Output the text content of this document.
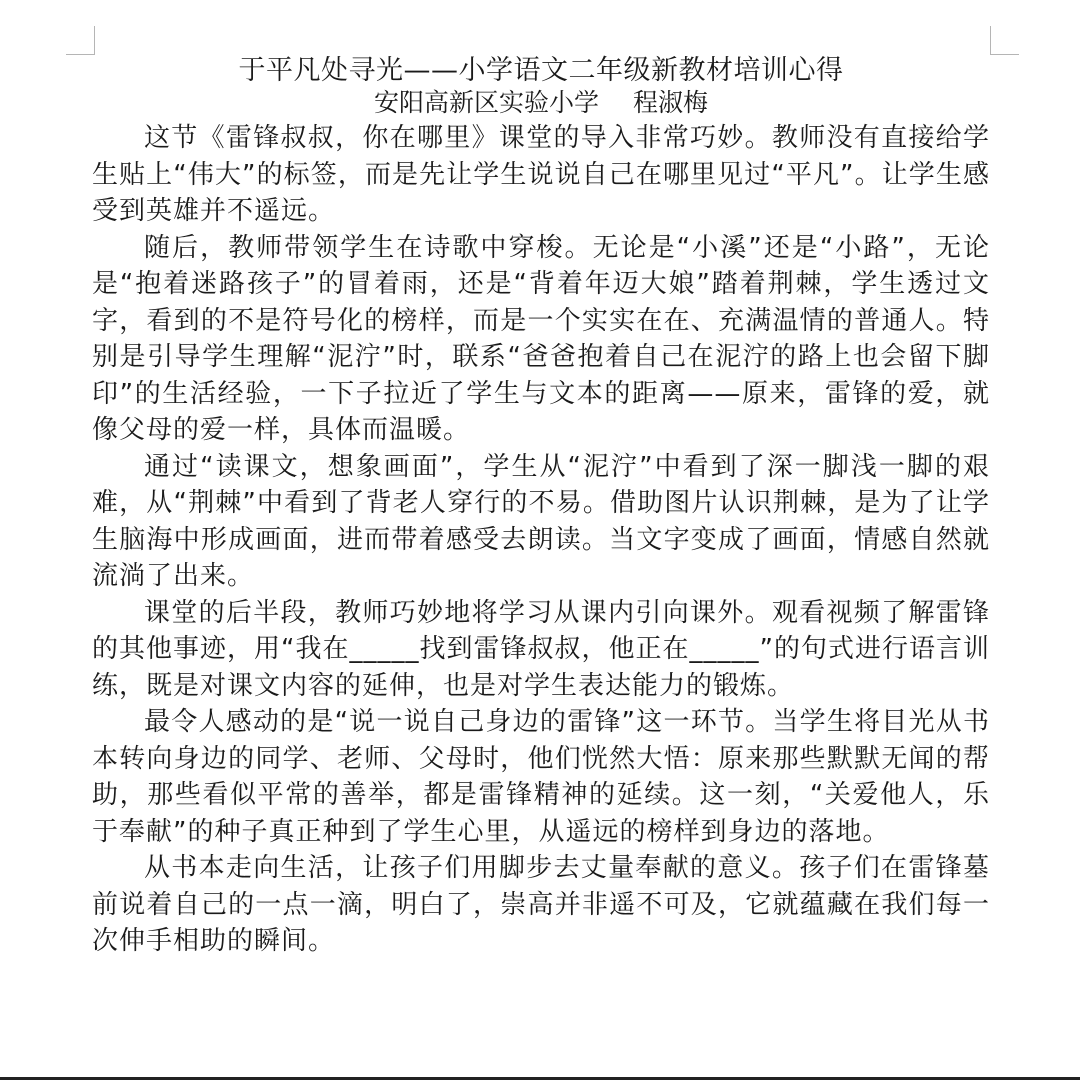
于平凡处寻光——小学语文二年级新教材培训心得
安阳高新区实验小学 程淑梅

这节《雷锋叔叔，你在哪里》课堂的导入非常巧妙。教师没有直接给学生贴上“伟大”的标签，而是先让学生说说自己在哪里见过“平凡”。让学生感受到英雄并不遥远。

随后，教师带领学生在诗歌中穿梭。无论是“小溪”还是“小路”，无论是“抱着迷路孩子”的冒着雨，还是“背着年迈大娘”踏着荆棘，学生透过文字，看到的不是符号化的榜样，而是一个实实在在、充满温情的普通人。特别是引导学生理解“泥泞”时，联系“爸爸抱着自己在泥泞的路上也会留下脚印”的生活经验，一下子拉近了学生与文本的距离——原来，雷锋的爱，就像父母的爱一样，具体而温暖。

通过“读课文，想象画面”，学生从“泥泞”中看到了深一脚浅一脚的艰难，从“荆棘”中看到了背老人穿行的不易。借助图片认识荆棘，是为了让学生脑海中形成画面，进而带着感受去朗读。当文字变成了画面，情感自然就流淌了出来。

课堂的后半段，教师巧妙地将学习从课内引向课外。观看视频了解雷锋的其他事迹，用“我在_____找到雷锋叔叔，他正在_____”的句式进行语言训练，既是对课文内容的延伸，也是对学生表达能力的锻炼。

最令人感动的是“说一说自己身边的雷锋”这一环节。当学生将目光从书本转向身边的同学、老师、父母时，他们恍然大悟：原来那些默默无闻的帮助，那些看似平常的善举，都是雷锋精神的延续。这一刻，“关爱他人，乐于奉献”的种子真正种到了学生心里，从遥远的榜样到身边的落地。

从书本走向生活，让孩子们用脚步去丈量奉献的意义。孩子们在雷锋墓前说着自己的一点一滴，明白了，崇高并非遥不可及，它就蕴藏在我们每一次伸手相助的瞬间。
